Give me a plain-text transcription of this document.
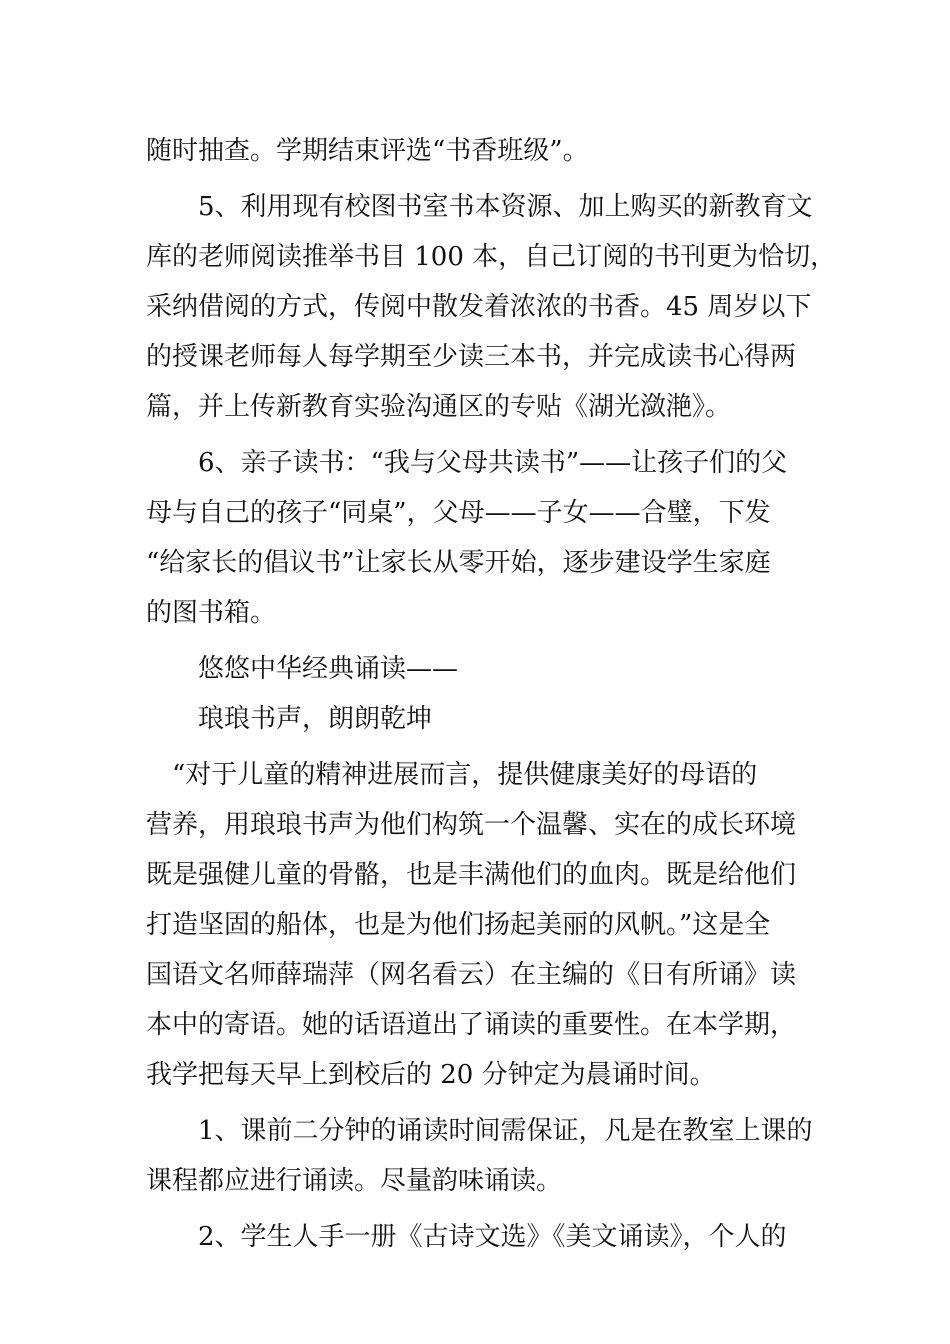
随时抽查。学期结束评选“书香班级”。
5、利用现有校图书室书本资源、加上购买的新教育文
库的老师阅读推举书目 100 本，自己订阅的书刊更为恰切，
采纳借阅的方式，传阅中散发着浓浓的书香。45 周岁以下
的授课老师每人每学期至少读三本书，并完成读书心得两
篇，并上传新教育实验沟通区的专贴《湖光潋滟》。
6、亲子读书：“我与父母共读书”——让孩子们的父
母与自己的孩子“同桌”，父母——子女——合璧，下发
“给家长的倡议书”让家长从零开始，逐步建设学生家庭
的图书箱。
悠悠中华经典诵读——
琅琅书声，朗朗乾坤
“对于儿童的精神进展而言，提供健康美好的母语的
营养，用琅琅书声为他们构筑一个温馨、实在的成长环境
既是强健儿童的骨骼，也是丰满他们的血肉。既是给他们
打造坚固的船体，也是为他们扬起美丽的风帆。”这是全
国语文名师薛瑞萍（网名看云）在主编的《日有所诵》读
本中的寄语。她的话语道出了诵读的重要性。在本学期，
我学把每天早上到校后的 20 分钟定为晨诵时间。
1、课前二分钟的诵读时间需保证，凡是在教室上课的
课程都应进行诵读。尽量韵味诵读。
2、学生人手一册《古诗文选》《美文诵读》，个人的
